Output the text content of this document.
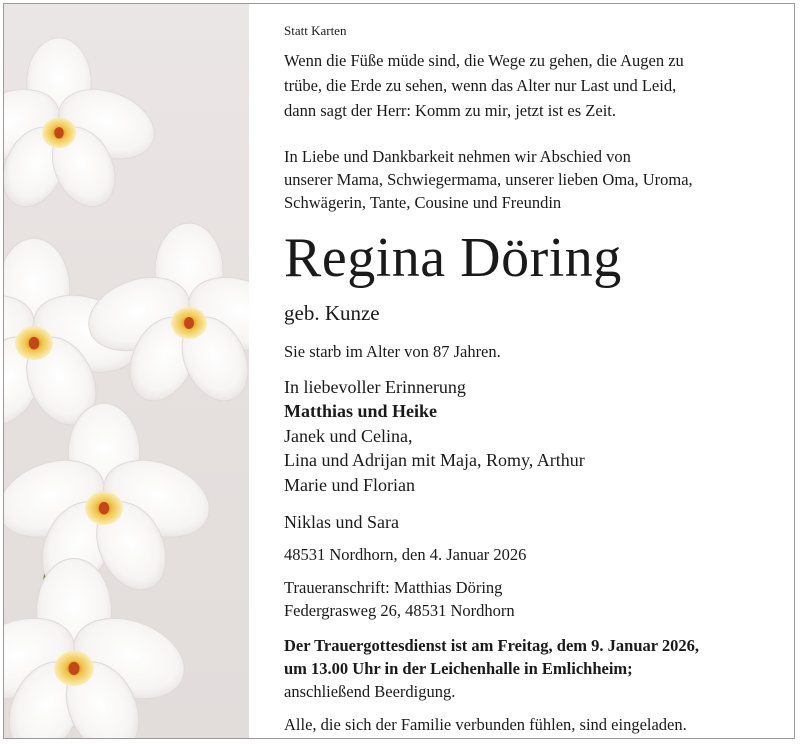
Statt Karten
Wenn die Füße müde sind, die Wege zu gehen, die Augen zu
trübe, die Erde zu sehen, wenn das Alter nur Last und Leid,
dann sagt der Herr: Komm zu mir, jetzt ist es Zeit.
In Liebe und Dankbarkeit nehmen wir Abschied von
unserer Mama, Schwiegermama, unserer lieben Oma, Uroma,
Schwägerin, Tante, Cousine und Freundin
Regina Döring
geb. Kunze
Sie starb im Alter von 87 Jahren.
In liebevoller Erinnerung
Matthias und Heike
Janek und Celina,
Lina und Adrijan mit Maja, Romy, Arthur
Marie und Florian
Niklas und Sara
48531 Nordhorn, den 4. Januar 2026
Traueranschrift: Matthias Döring
Federgrasweg 26, 48531 Nordhorn
Der Trauergottesdienst ist am Freitag, dem 9. Januar 2026,
um 13.00 Uhr in der Leichenhalle in Emlichheim;
anschließend Beerdigung.
Alle, die sich der Familie verbunden fühlen, sind eingeladen.
